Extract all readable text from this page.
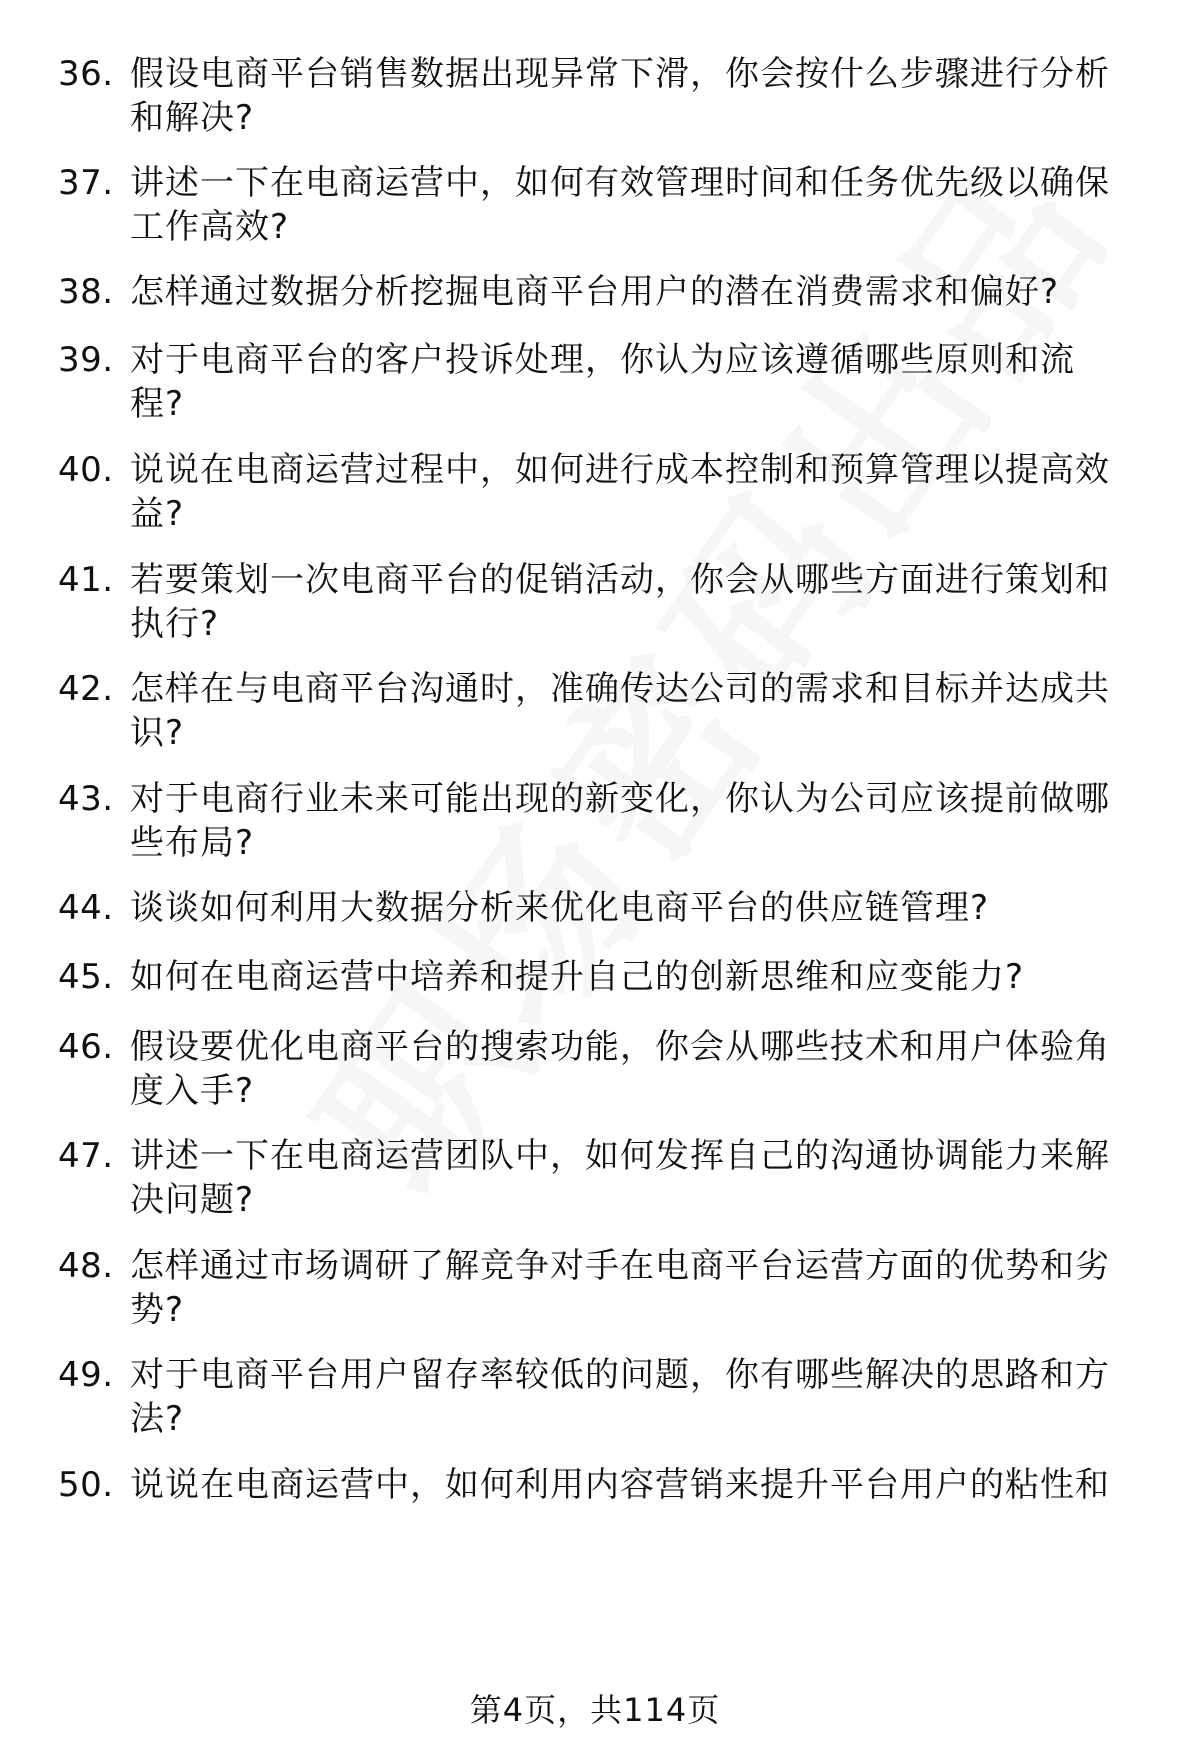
36. 假设电商平台销售数据出现异常下滑，你会按什么步骤进行分析
和解决?
37. 讲述一下在电商运营中，如何有效管理时间和任务优先级以确保
工作高效?
38. 怎样通过数据分析挖掘电商平台用户的潜在消费需求和偏好?
39. 对于电商平台的客户投诉处理，你认为应该遵循哪些原则和流
程?
40. 说说在电商运营过程中，如何进行成本控制和预算管理以提高效
益?
41. 若要策划一次电商平台的促销活动，你会从哪些方面进行策划和
执行?
42. 怎样在与电商平台沟通时，准确传达公司的需求和目标并达成共
识?
43. 对于电商行业未来可能出现的新变化，你认为公司应该提前做哪
些布局?
44. 谈谈如何利用大数据分析来优化电商平台的供应链管理?
45. 如何在电商运营中培养和提升自己的创新思维和应变能力?
46. 假设要优化电商平台的搜索功能，你会从哪些技术和用户体验角
度入手?
47. 讲述一下在电商运营团队中，如何发挥自己的沟通协调能力来解
决问题?
48. 怎样通过市场调研了解竞争对手在电商平台运营方面的优势和劣
势?
49. 对于电商平台用户留存率较低的问题，你有哪些解决的思路和方
法?
50. 说说在电商运营中，如何利用内容营销来提升平台用户的粘性和
第4页，共114页
